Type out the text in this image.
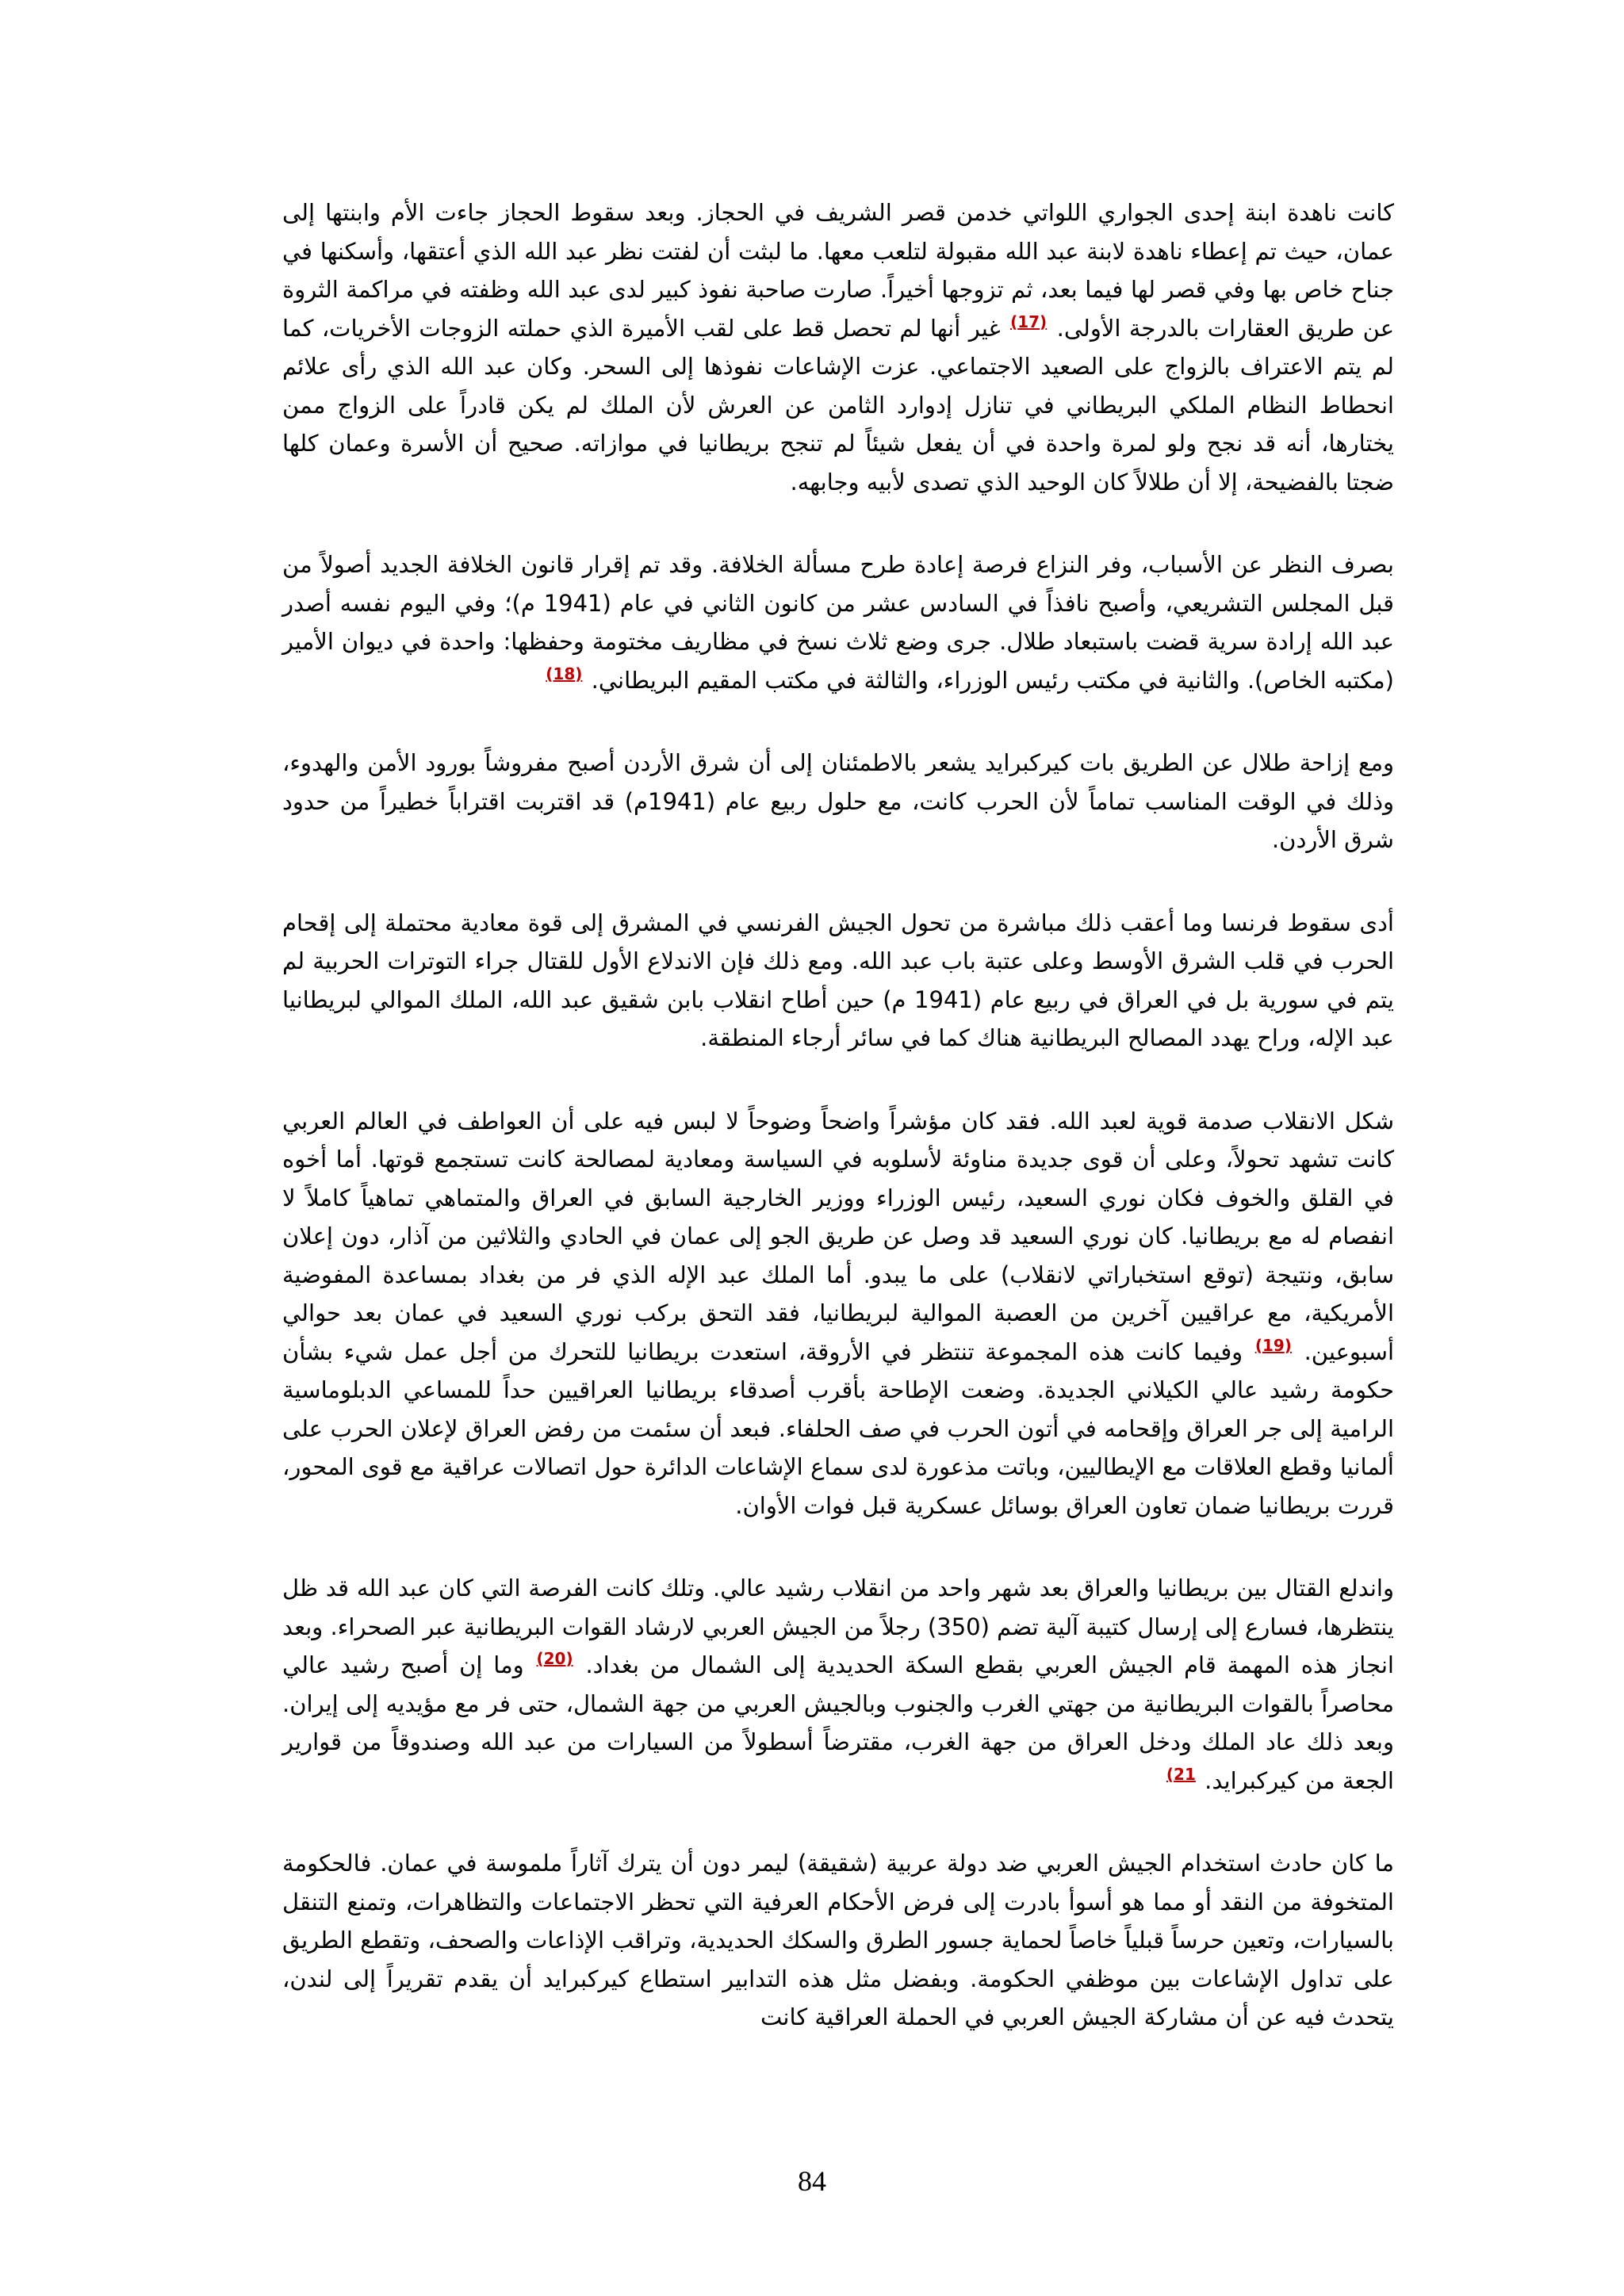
كانت ناهدة ابنة إحدى الجواري اللواتي خدمن قصر الشريف في الحجاز. وبعد سقوط الحجاز جاءت الأم وابنتها إلى عمان، حيث تم إعطاء ناهدة لابنة عبد الله مقبولة لتلعب معها. ما لبثت أن لفتت نظر عبد الله الذي أعتقها، وأسكنها في جناح خاص بها وفي قصر لها فيما بعد، ثم تزوجها أخيراً. صارت صاحبة نفوذ كبير لدى عبد الله وظفته في مراكمة الثروة عن طريق العقارات بالدرجة الأولى. $^{(17)}$ غير أنها لم تحصل قط على لقب الأميرة الذي حملته الزوجات الأخريات، كما لم يتم الاعتراف بالزواج على الصعيد الاجتماعي. عزت الإشاعات نفوذها إلى السحر. وكان عبد الله الذي رأى علائم انحطاط النظام الملكي البريطاني في تنازل إدوارد الثامن عن العرش لأن الملك لم يكن قادراً على الزواج ممن يختارها، أنه قد نجح ولو لمرة واحدة في أن يفعل شيئاً لم تنجح بريطانيا في موازاته. صحيح أن الأسرة وعمان كلها ضجتا بالفضيحة، إلا أن طلالاً كان الوحيد الذي تصدى لأبيه وجابهه.

بصرف النظر عن الأسباب، وفر النزاع فرصة إعادة طرح مسألة الخلافة. وقد تم إقرار قانون الخلافة الجديد أصولاً من قبل المجلس التشريعي، وأصبح نافذاً في السادس عشر من كانون الثاني في عام (1941 م)؛ وفي اليوم نفسه أصدر عبد الله إرادة سرية قضت باستبعاد طلال. جرى وضع ثلاث نسخ في مظاريف مختومة وحفظها: واحدة في ديوان الأمير (مكتبه الخاص). والثانية في مكتب رئيس الوزراء، والثالثة في مكتب المقيم البريطاني. $^{(18)}$

ومع إزاحة طلال عن الطريق بات كيركبرايد يشعر بالاطمئنان إلى أن شرق الأردن أصبح مفروشاً بورود الأمن والهدوء، وذلك في الوقت المناسب تماماً لأن الحرب كانت، مع حلول ربيع عام (1941م) قد اقتربت اقتراباً خطيراً من حدود شرق الأردن.

أدى سقوط فرنسا وما أعقب ذلك مباشرة من تحول الجيش الفرنسي في المشرق إلى قوة معادية محتملة إلى إقحام الحرب في قلب الشرق الأوسط وعلى عتبة باب عبد الله. ومع ذلك فإن الاندلاع الأول للقتال جراء التوترات الحربية لم يتم في سورية بل في العراق في ربيع عام (1941 م) حين أطاح انقلاب بابن شقيق عبد الله، الملك الموالي لبريطانيا عبد الإله، وراح يهدد المصالح البريطانية هناك كما في سائر أرجاء المنطقة.

شكل الانقلاب صدمة قوية لعبد الله. فقد كان مؤشراً واضحاً وضوحاً لا لبس فيه على أن العواطف في العالم العربي كانت تشهد تحولاً، وعلى أن قوى جديدة مناوئة لأسلوبه في السياسة ومعادية لمصالحة كانت تستجمع قوتها. أما أخوه في القلق والخوف فكان نوري السعيد، رئيس الوزراء ووزير الخارجية السابق في العراق والمتماهي تماهياً كاملاً لا انفصام له مع بريطانيا. كان نوري السعيد قد وصل عن طريق الجو إلى عمان في الحادي والثلاثين من آذار، دون إعلان سابق، ونتيجة (توقع استخباراتي لانقلاب) على ما يبدو. أما الملك عبد الإله الذي فر من بغداد بمساعدة المفوضية الأمريكية، مع عراقيين آخرين من العصبة الموالية لبريطانيا، فقد التحق بركب نوري السعيد في عمان بعد حوالي أسبوعين. $^{(19)}$ وفيما كانت هذه المجموعة تنتظر في الأروقة، استعدت بريطانيا للتحرك من أجل عمل شيء بشأن حكومة رشيد عالي الكيلاني الجديدة. وضعت الإطاحة بأقرب أصدقاء بريطانيا العراقيين حداً للمساعي الدبلوماسية الرامية إلى جر العراق وإقحامه في أتون الحرب في صف الحلفاء. فبعد أن سئمت من رفض العراق لإعلان الحرب على ألمانيا وقطع العلاقات مع الإيطاليين، وباتت مذعورة لدى سماع الإشاعات الدائرة حول اتصالات عراقية مع قوى المحور، قررت بريطانيا ضمان تعاون العراق بوسائل عسكرية قبل فوات الأوان.

واندلع القتال بين بريطانيا والعراق بعد شهر واحد من انقلاب رشيد عالي. وتلك كانت الفرصة التي كان عبد الله قد ظل ينتظرها، فسارع إلى إرسال كتيبة آلية تضم (350) رجلاً من الجيش العربي لارشاد القوات البريطانية عبر الصحراء. وبعد انجاز هذه المهمة قام الجيش العربي بقطع السكة الحديدية إلى الشمال من بغداد. $^{(20)}$ وما إن أصبح رشيد عالي محاصراً بالقوات البريطانية من جهتي الغرب والجنوب وبالجيش العربي من جهة الشمال، حتى فر مع مؤيديه إلى إيران. وبعد ذلك عاد الملك ودخل العراق من جهة الغرب، مقترضاً أسطولاً من السيارات من عبد الله وصندوقاً من قوارير الجعة من كيركبرايد. $^{21)}$

ما كان حادث استخدام الجيش العربي ضد دولة عربية (شقيقة) ليمر دون أن يترك آثاراً ملموسة في عمان. فالحكومة المتخوفة من النقد أو مما هو أسوأ بادرت إلى فرض الأحكام العرفية التي تحظر الاجتماعات والتظاهرات، وتمنع التنقل بالسيارات، وتعين حرساً قبلياً خاصاً لحماية جسور الطرق والسكك الحديدية، وتراقب الإذاعات والصحف، وتقطع الطريق على تداول الإشاعات بين موظفي الحكومة. وبفضل مثل هذه التدابير استطاع كيركبرايد أن يقدم تقريراً إلى لندن، يتحدث فيه عن أن مشاركة الجيش العربي في الحملة العراقية كانت

84
